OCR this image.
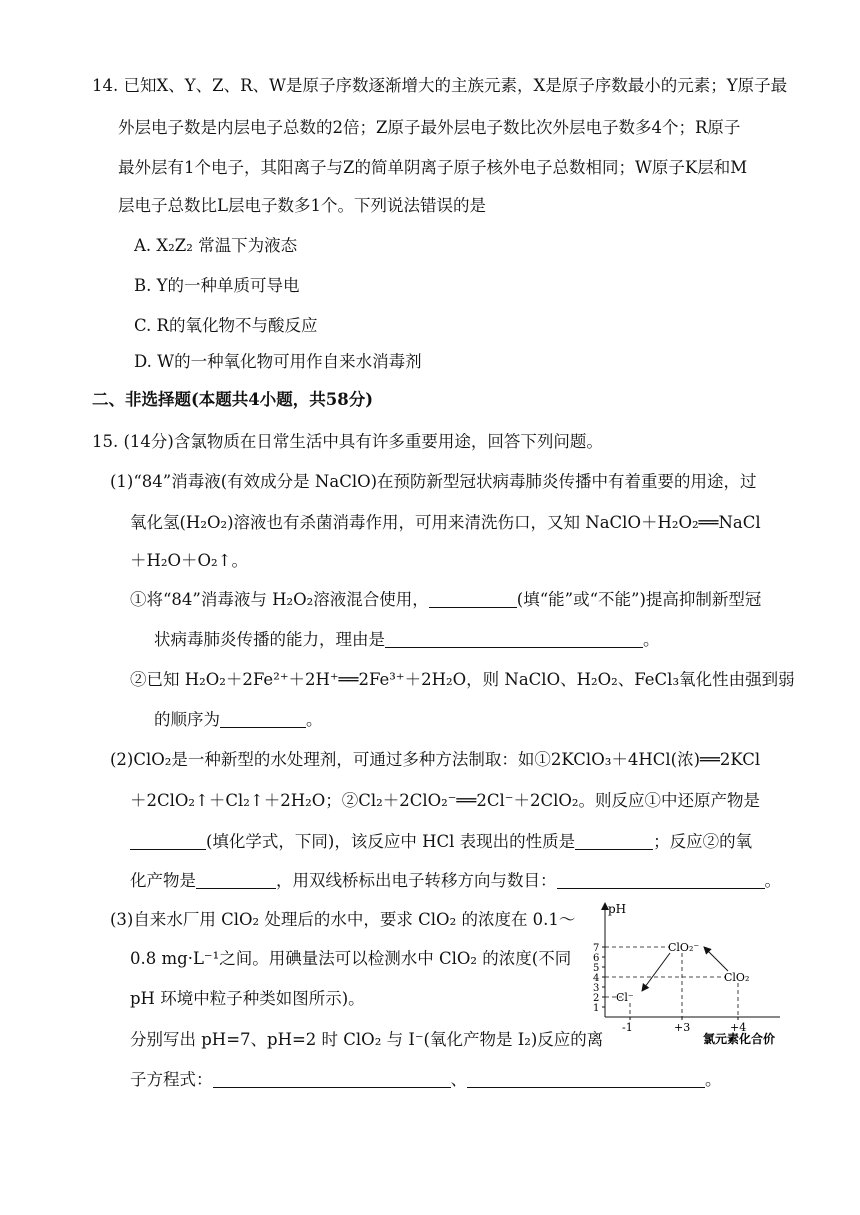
14. 已知X、Y、Z、R、W是原子序数逐渐增大的主族元素，X是原子序数最小的元素；Y原子最
外层电子数是内层电子总数的2倍；Z原子最外层电子数比次外层电子数多4个；R原子
最外层有1个电子，其阳离子与Z的简单阴离子原子核外电子总数相同；W原子K层和M
层电子总数比L层电子数多1个。下列说法错误的是
A. X₂Z₂ 常温下为液态
B. Y的一种单质可导电
C. R的氧化物不与酸反应
D. W的一种氧化物可用作自来水消毒剂
二、非选择题(本题共4小题，共58分)
15. (14分)含氯物质在日常生活中具有许多重要用途，回答下列问题。
(1)“84”消毒液(有效成分是 NaClO)在预防新型冠状病毒肺炎传播中有着重要的用途，过
氧化氢(H₂O₂)溶液也有杀菌消毒作用，可用来清洗伤口，又知 NaClO＋H₂O₂══NaCl
＋H₂O＋O₂↑。
①将“84”消毒液与 H₂O₂溶液混合使用，	(填“能”或“不能”)提高抑制新型冠
状病毒肺炎传播的能力，理由是	。
②已知 H₂O₂＋2Fe²⁺＋2H⁺══2Fe³⁺＋2H₂O，则 NaClO、H₂O₂、FeCl₃氧化性由强到弱
的顺序为	。
(2)ClO₂是一种新型的水处理剂，可通过多种方法制取：如①2KClO₃＋4HCl(浓)══2KCl
＋2ClO₂↑＋Cl₂↑＋2H₂O；②Cl₂＋2ClO₂⁻══2Cl⁻＋2ClO₂。则反应①中还原产物是
(填化学式，下同)，该反应中 HCl 表现出的性质是	；反应②的氧
化产物是	，用双线桥标出电子转移方向与数目：	。
(3)自来水厂用 ClO₂ 处理后的水中，要求 ClO₂ 的浓度在 0.1～
0.8 mg·L⁻¹之间。用碘量法可以检测水中 ClO₂ 的浓度(不同
pH 环境中粒子种类如图所示)。
分别写出 pH=7、pH=2 时 ClO₂ 与 I⁻(氧化产物是 I₂)反应的离
子方程式：	、	。
pH
氯元素化合价
1
2
3
4
5
6
7
-1	+3	+4
Cl⁻
ClO₂⁻
ClO₂
